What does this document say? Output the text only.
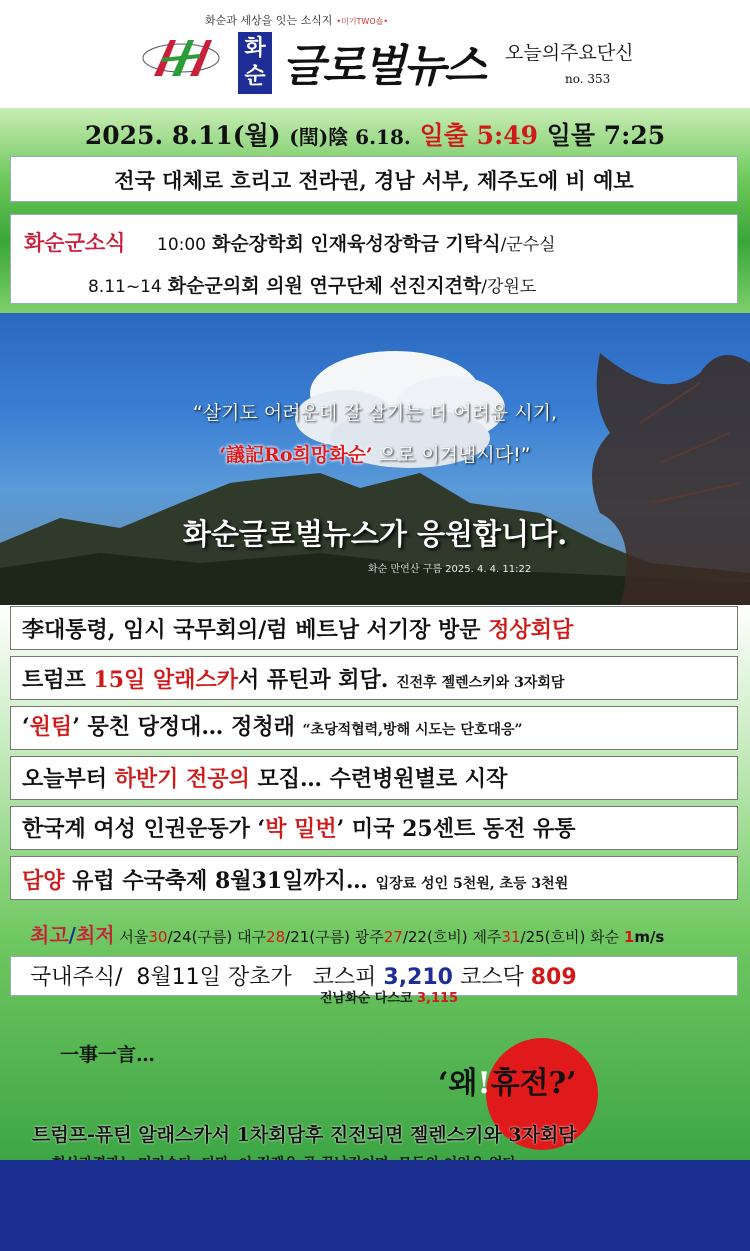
화순과 세상을 잇는 소식지 •미기TWO숍•
화
순 글로벌뉴스 오늘의주요단신
no. 353
2025. 8.11(월) (閏)陰 6.18. 일출 5:49 일몰 7:25
전국 대체로 흐리고 전라권, 경남 서부, 제주도에 비 예보
화순군소식 10:00 화순장학회 인재육성장학금 기탁식/군수실
8.11~14 화순군의회 의원 연구단체 선진지견학/강원도
“살기도 어려운데 잘 살기는 더 어려운 시기,
‘議記Ro희망화순’ 으로 이겨냅시다!”
화순글로벌뉴스가 응원합니다.
화순 만연산 구름 2025. 4. 4. 11:22
李대통령, 임시 국무회의/럼 베트남 서기장 방문 정상회담
트럼프 15일 알래스카서 퓨틴과 회담. 진전후 젤렌스키와 3자회담
‘원팀’ 뭉친 당정대… 정청래 “초당적협력,방해 시도는 단호대응”
오늘부터 하반기 전공의 모집… 수련병원별로 시작
한국계 여성 인권운동가 ‘박 밀번’ 미국 25센트 동전 유통
담양 유럽 수국축제 8월31일까지… 입장료 성인 5천원, 초등 3천원
최고/최저 서울30/24(구름) 대구28/21(구름) 광주27/22(흐비) 제주31/25(흐비) 화순 1m/s
국내주식/  8월11일 장초가   코스피 3,210 코스닥 809
전남화순 다스코 3,115
一事一言…
‘왜!휴전?’
트럼프-퓨틴 알래스카서 1차회담후 진전되면 젤렌스키와 3자회담
